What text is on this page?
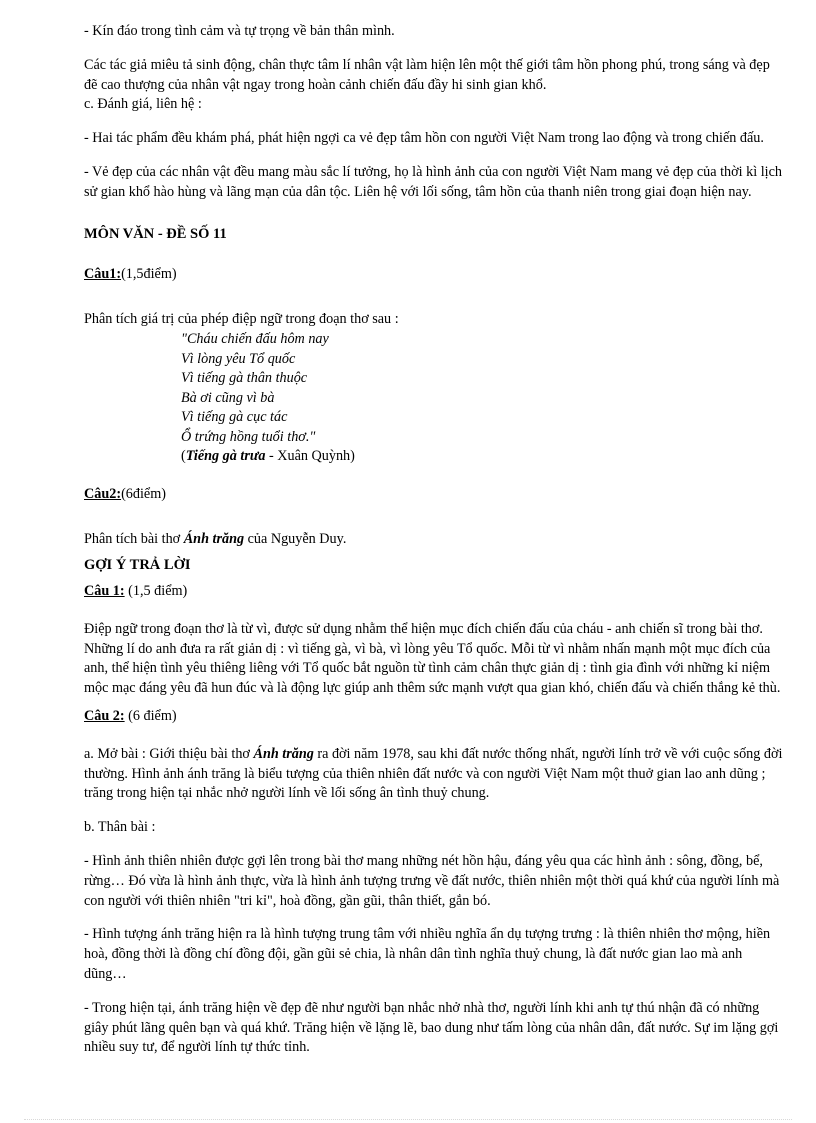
- Kín đáo trong tình cảm và tự trọng về bản thân mình.

Các tác giả miêu tả sinh động, chân thực tâm lí nhân vật làm hiện lên một thế giới tâm hồn phong phú, trong sáng và đẹp đẽ cao thượng của nhân vật ngay trong hoàn cảnh chiến đấu đầy hi sinh gian khổ.

c. Đánh giá, liên hệ :

- Hai tác phẩm đều khám phá, phát hiện ngợi ca vẻ đẹp tâm hồn con người Việt Nam trong lao động và trong chiến đấu.

- Vẻ đẹp của các nhân vật đều mang màu sắc lí tưởng, họ là hình ảnh của con người Việt Nam mang vẻ đẹp của thời kì lịch sử gian khổ hào hùng và lãng mạn của dân tộc. Liên hệ với lối sống, tâm hồn của thanh niên trong giai đoạn hiện nay.

MÔN VĂN - ĐỀ SỐ 11

Câu1:(1,5điểm)

Phân tích giá trị của phép điệp ngữ trong đoạn thơ sau :

"Cháu chiến đấu hôm nay

Vì lòng yêu Tổ quốc

Vì tiếng gà thân thuộc

Bà ơi cũng vì bà

Vì tiếng gà cục tác

Ổ trứng hồng tuổi thơ."

(Tiếng gà trưa - Xuân Quỳnh)

Câu2:(6điểm)

Phân tích bài thơ Ánh trăng của Nguyễn Duy.

GỢI Ý TRẢ LỜI

Câu 1: (1,5 điểm)

Điệp ngữ trong đoạn thơ là từ vì, được sử dụng nhằm thể hiện mục đích chiến đấu của cháu - anh chiến sĩ trong bài thơ. Những lí do anh đưa ra rất giản dị : vì tiếng gà, vì bà, vì lòng yêu Tổ quốc. Mỗi từ vì nhằm nhấn mạnh một mục đích của anh, thể hiện tình yêu thiêng liêng với Tổ quốc bắt nguồn từ tình cảm chân thực giản dị : tình gia đình với những kỉ niệm mộc mạc đáng yêu đã hun đúc và là động lực giúp anh thêm sức mạnh vượt qua gian khó, chiến đấu và chiến thắng kẻ thù.

Câu 2: (6 điểm)

a. Mở bài : Giới thiệu bài thơ Ánh trăng ra đời năm 1978, sau khi đất nước thống nhất, người lính trở về với cuộc sống đời thường. Hình ảnh ánh trăng là biểu tượng của thiên nhiên đất nước và con người Việt Nam một thuở gian lao anh dũng ; trăng trong hiện tại nhắc nhở người lính về lối sống ân tình thuỷ chung.

b. Thân bài :

- Hình ảnh thiên nhiên được gợi lên trong bài thơ mang những nét hồn hậu, đáng yêu qua các hình ảnh : sông, đồng, bể, rừng… Đó vừa là hình ảnh thực, vừa là hình ảnh tượng trưng về đất nước, thiên nhiên một thời quá khứ của người lính mà con người với thiên nhiên "tri kỉ", hoà đồng, gần gũi, thân thiết, gắn bó.

- Hình tượng ánh trăng hiện ra là hình tượng trung tâm với nhiều nghĩa ẩn dụ tượng trưng : là thiên nhiên thơ mộng, hiền hoà, đồng thời là đồng chí đồng đội, gần gũi sẻ chia, là nhân dân tình nghĩa thuỷ chung, là đất nước gian lao mà anh dũng…

- Trong hiện tại, ánh trăng hiện về đẹp đẽ như người bạn nhắc nhở nhà thơ, người lính khi anh tự thú nhận đã có những giây phút lãng quên bạn và quá khứ. Trăng hiện về lặng lẽ, bao dung như tấm lòng của nhân dân, đất nước. Sự im lặng gợi nhiều suy tư, để người lính tự thức tỉnh.
